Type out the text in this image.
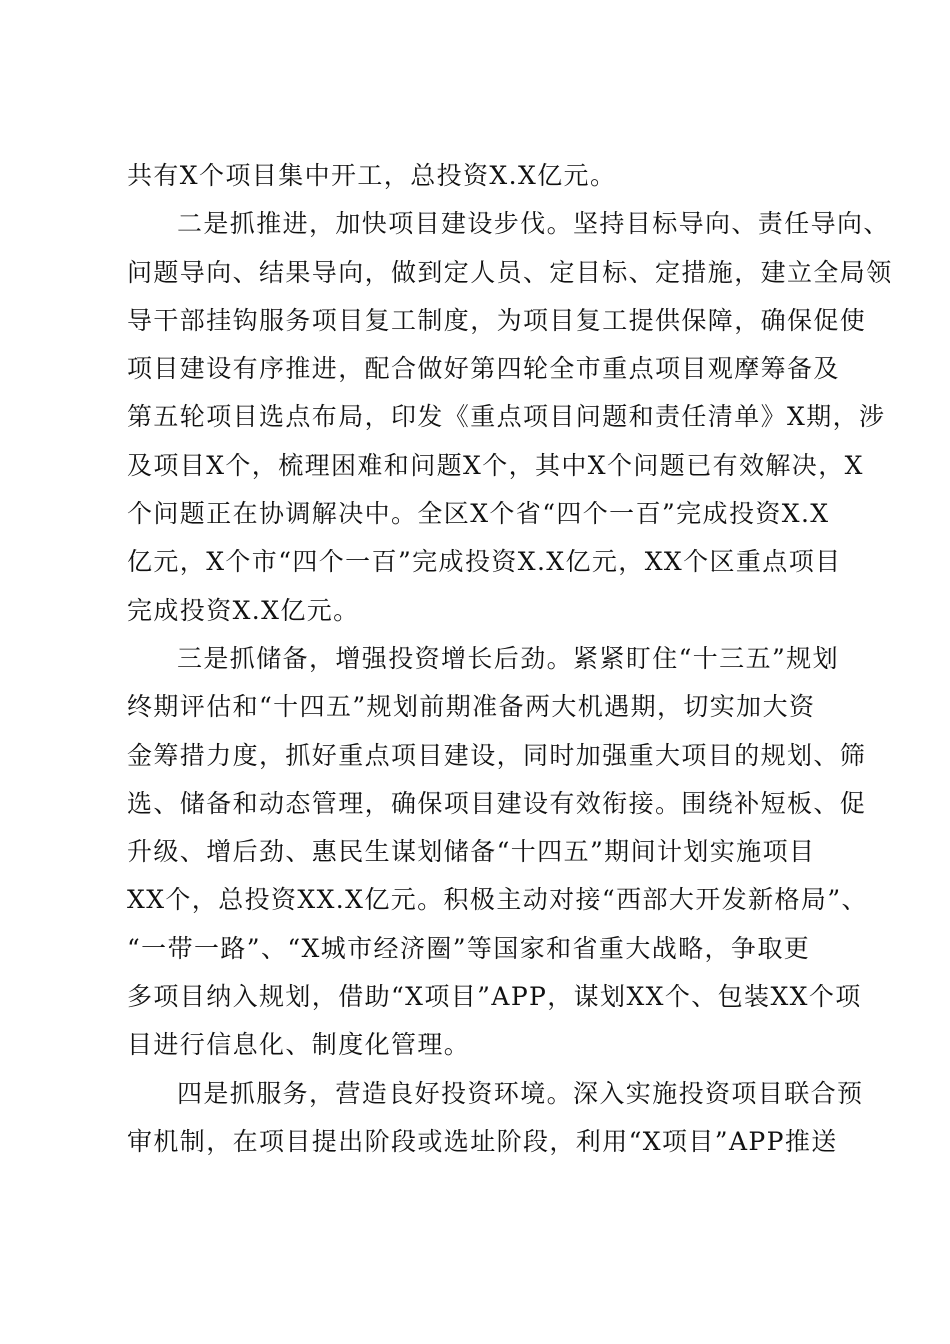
共有X个项目集中开工，总投资X.X亿元。
二是抓推进，加快项目建设步伐。坚持目标导向、责任导向、
问题导向、结果导向，做到定人员、定目标、定措施，建立全局领
导干部挂钩服务项目复工制度，为项目复工提供保障，确保促使
项目建设有序推进，配合做好第四轮全市重点项目观摩筹备及
第五轮项目选点布局，印发《重点项目问题和责任清单》X期，涉
及项目X个，梳理困难和问题X个，其中X个问题已有效解决，X
个问题正在协调解决中。全区X个省“四个一百”完成投资X.X
亿元，X个市“四个一百”完成投资X.X亿元，XX个区重点项目
完成投资X.X亿元。
三是抓储备，增强投资增长后劲。紧紧盯住“十三五”规划
终期评估和“十四五”规划前期准备两大机遇期，切实加大资
金筹措力度，抓好重点项目建设，同时加强重大项目的规划、筛
选、储备和动态管理，确保项目建设有效衔接。围绕补短板、促
升级、增后劲、惠民生谋划储备“十四五”期间计划实施项目
XX个，总投资XX.X亿元。积极主动对接“西部大开发新格局”、
“一带一路”、“X城市经济圈”等国家和省重大战略，争取更
多项目纳入规划，借助“X项目”APP，谋划XX个、包装XX个项
目进行信息化、制度化管理。
四是抓服务，营造良好投资环境。深入实施投资项目联合预
审机制，在项目提出阶段或选址阶段，利用“X项目”APP推送
